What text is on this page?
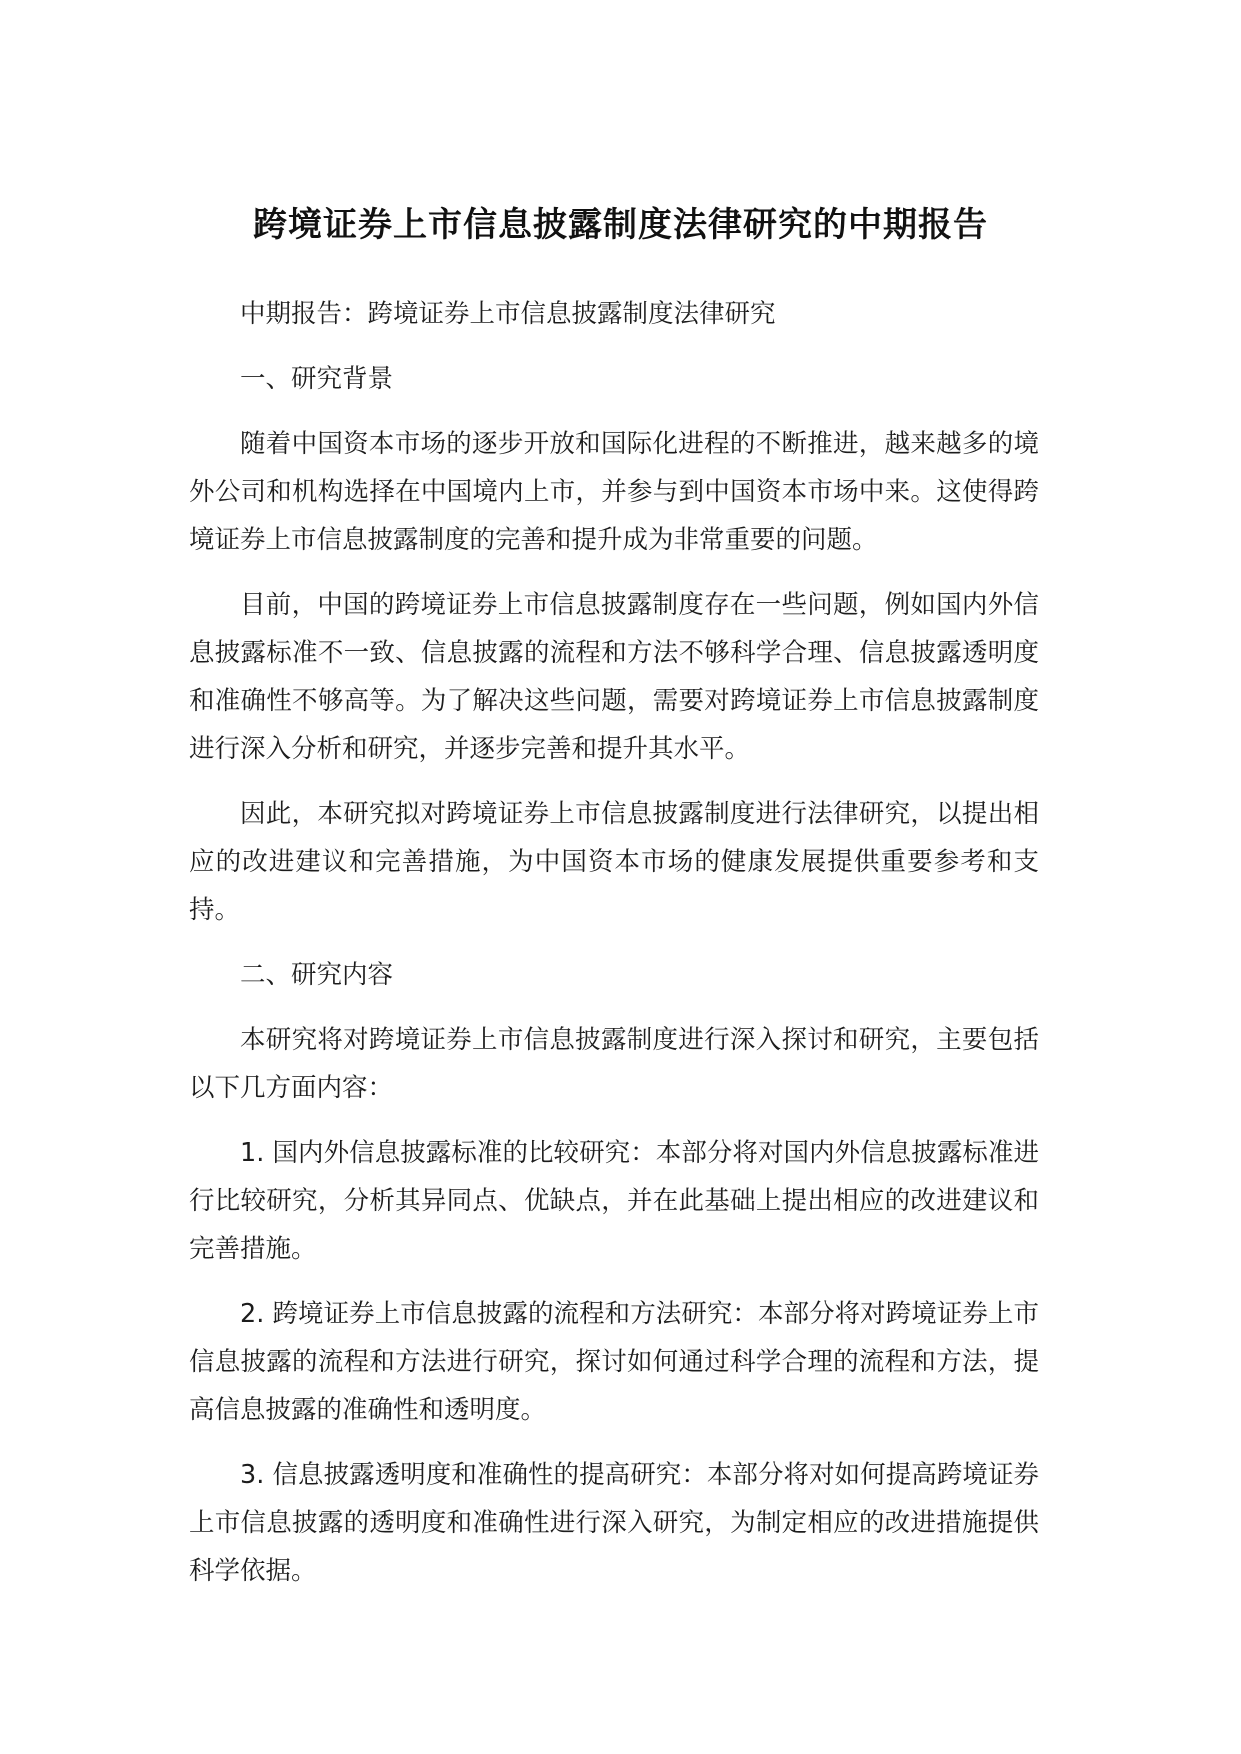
跨境证券上市信息披露制度法律研究的中期报告

中期报告：跨境证券上市信息披露制度法律研究

一、研究背景

随着中国资本市场的逐步开放和国际化进程的不断推进，越来越多的境外公司和机构选择在中国境内上市，并参与到中国资本市场中来。这使得跨境证券上市信息披露制度的完善和提升成为非常重要的问题。

目前，中国的跨境证券上市信息披露制度存在一些问题，例如国内外信息披露标准不一致、信息披露的流程和方法不够科学合理、信息披露透明度和准确性不够高等。为了解决这些问题，需要对跨境证券上市信息披露制度进行深入分析和研究，并逐步完善和提升其水平。

因此，本研究拟对跨境证券上市信息披露制度进行法律研究，以提出相应的改进建议和完善措施，为中国资本市场的健康发展提供重要参考和支持。

二、研究内容

本研究将对跨境证券上市信息披露制度进行深入探讨和研究，主要包括以下几方面内容：

1. 国内外信息披露标准的比较研究：本部分将对国内外信息披露标准进行比较研究，分析其异同点、优缺点，并在此基础上提出相应的改进建议和完善措施。

2. 跨境证券上市信息披露的流程和方法研究：本部分将对跨境证券上市信息披露的流程和方法进行研究，探讨如何通过科学合理的流程和方法，提高信息披露的准确性和透明度。

3. 信息披露透明度和准确性的提高研究：本部分将对如何提高跨境证券上市信息披露的透明度和准确性进行深入研究，为制定相应的改进措施提供科学依据。
